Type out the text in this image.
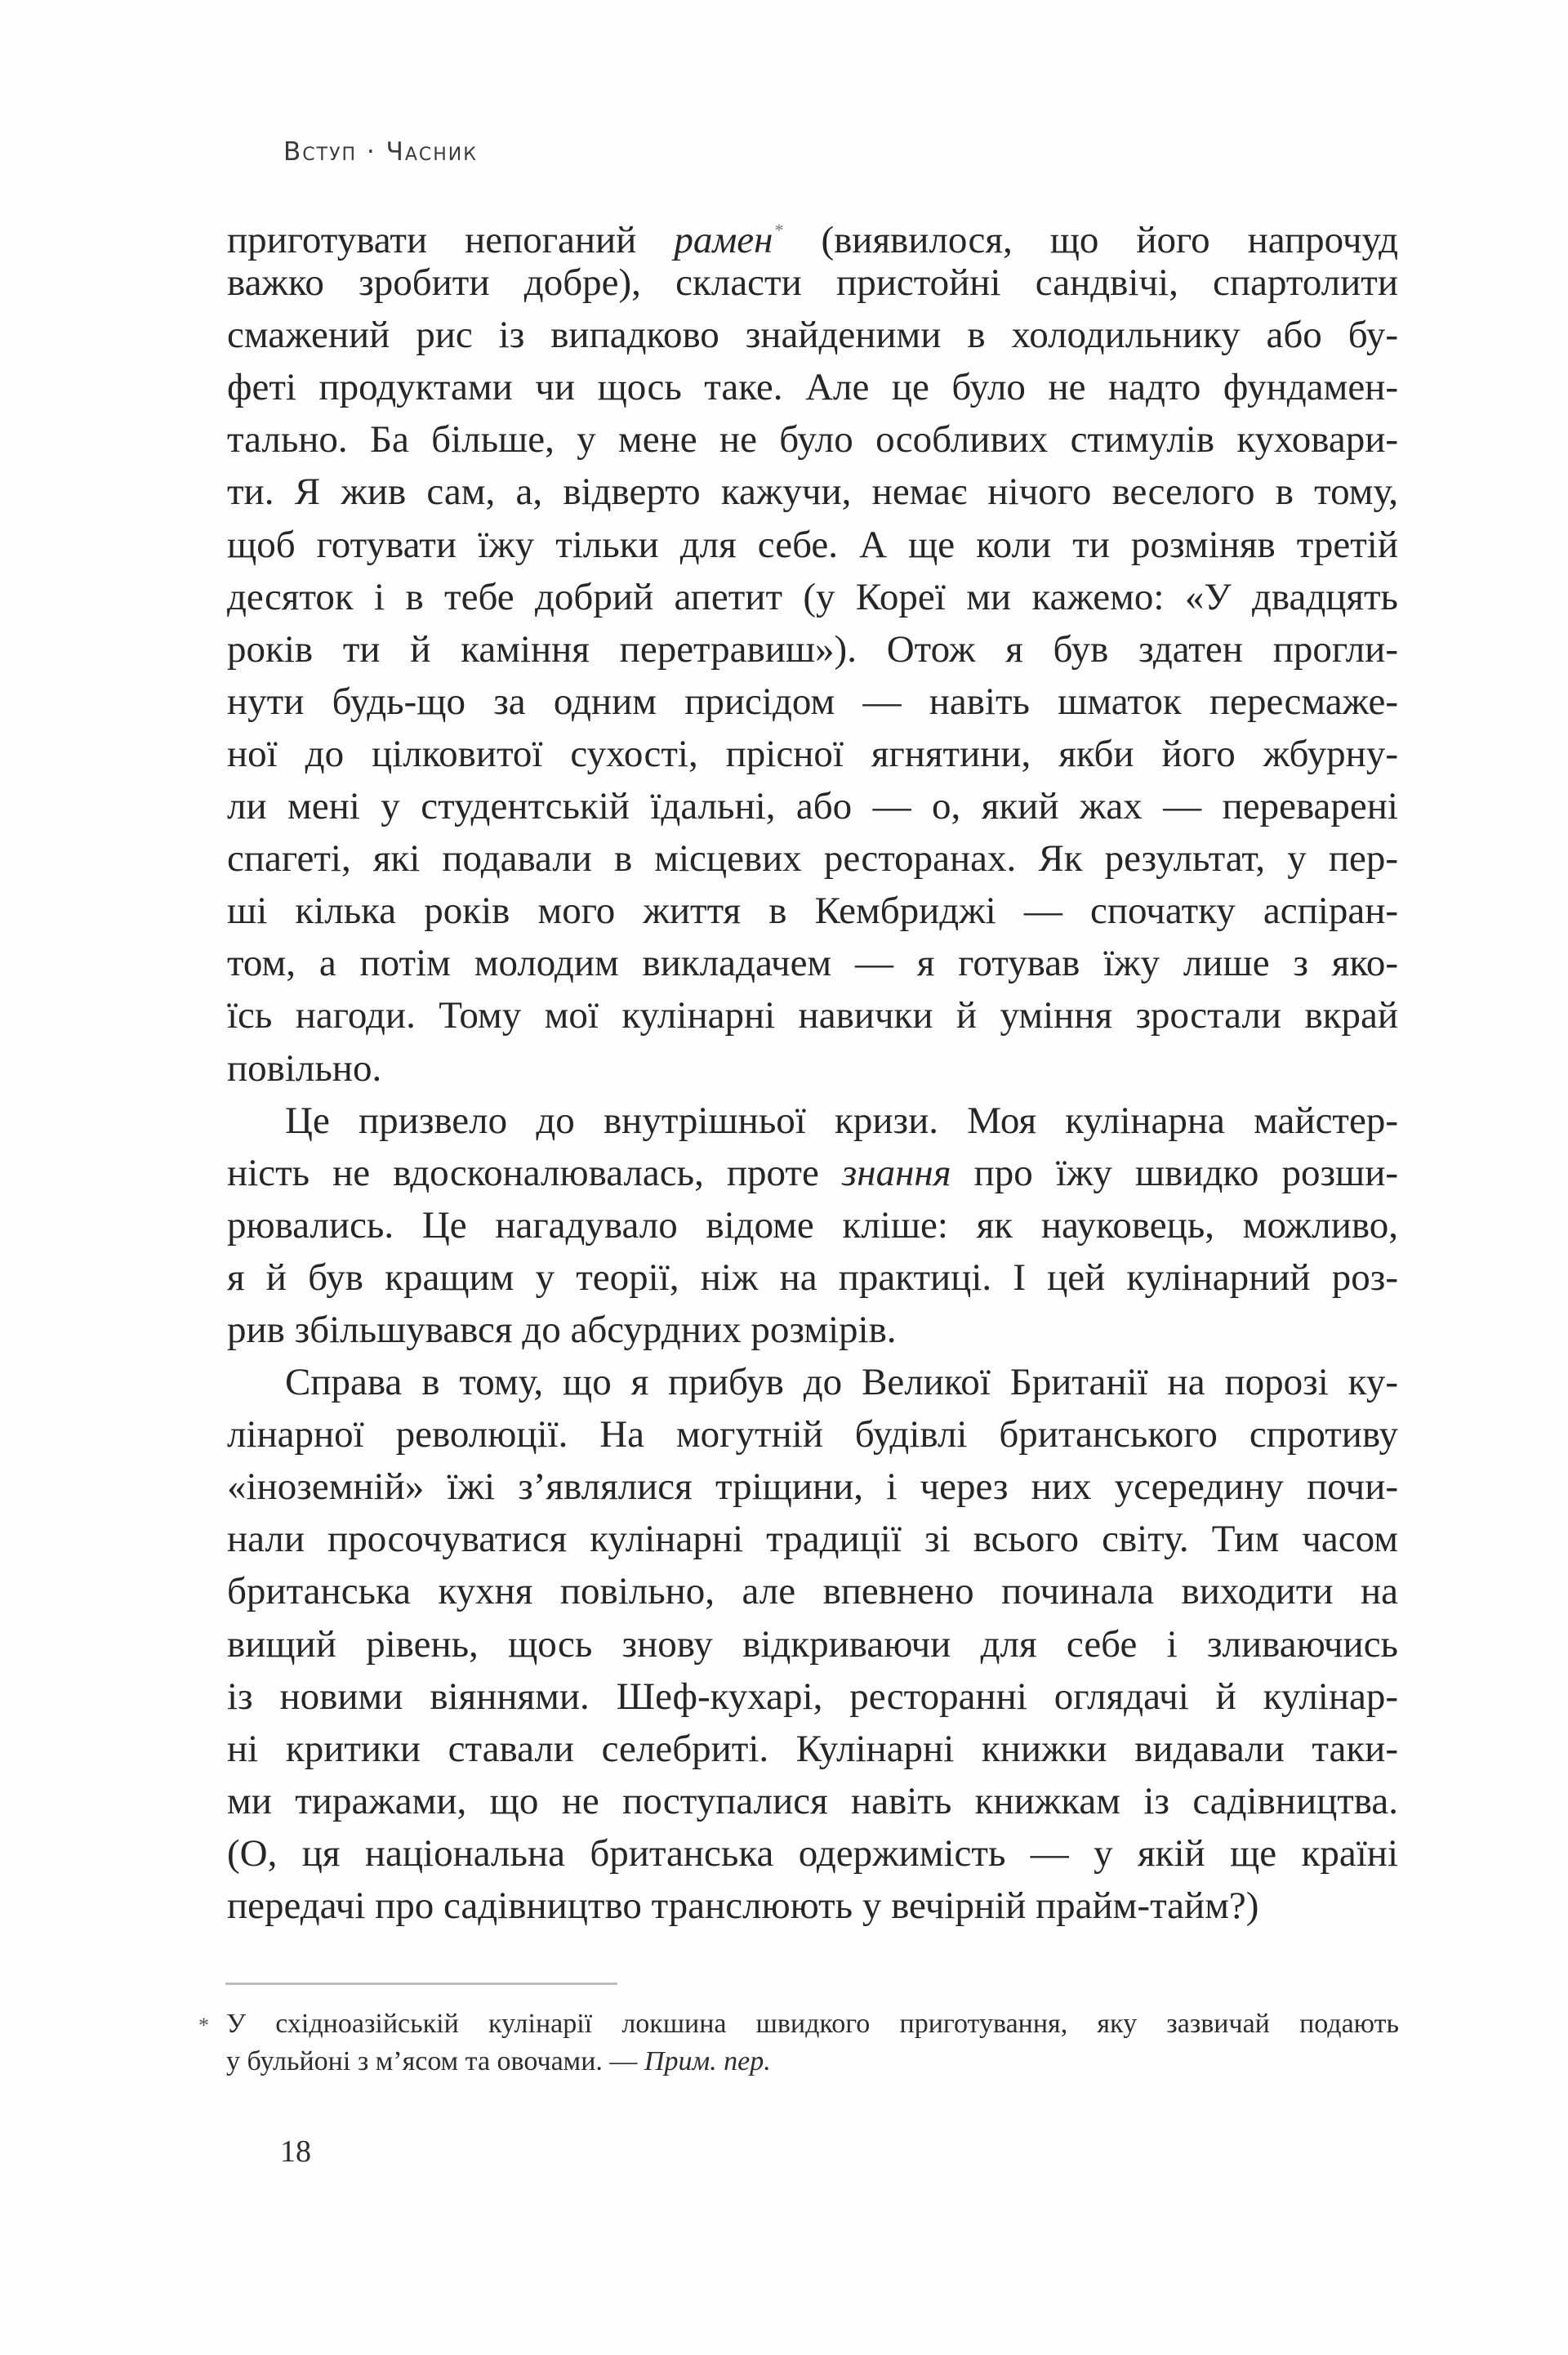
Вступ · Часник
приготувати непоганий рамен* (виявилося, що його напрочуд
важко зробити добре), скласти пристойні сандвічі, спартолити
смажений рис із випадково знайденими в холодильнику або бу-
феті продуктами чи щось таке. Але це було не надто фундамен-
тально. Ба більше, у мене не було особливих стимулів куховари-
ти. Я жив сам, а, відверто кажучи, немає нічого веселого в тому,
щоб готувати їжу тільки для себе. А ще коли ти розміняв третій
десяток і в тебе добрий апетит (у Кореї ми кажемо: «У двадцять
років ти й каміння перетравиш»). Отож я був здатен прогли-
нути будь-що за одним присідом — навіть шматок пересмаже-
ної до цілковитої сухості, прісної ягнятини, якби його жбурну-
ли мені у студентській їдальні, або — о, який жах — переварені
спагеті, які подавали в місцевих ресторанах. Як результат, у пер-
ші кілька років мого життя в Кембриджі — спочатку аспіран-
том, а потім молодим викладачем — я готував їжу лише з яко-
їсь нагоди. Тому мої кулінарні навички й уміння зростали вкрай
повільно.
Це призвело до внутрішньої кризи. Моя кулінарна майстер-
ність не вдосконалювалась, проте знання про їжу швидко розши-
рювались. Це нагадувало відоме кліше: як науковець, можливо,
я й був кращим у теорії, ніж на практиці. І цей кулінарний роз-
рив збільшувався до абсурдних розмірів.
Справа в тому, що я прибув до Великої Британії на порозі ку-
лінарної революції. На могутній будівлі британського спротиву
«іноземній» їжі з’являлися тріщини, і через них усередину почи-
нали просочуватися кулінарні традиції зі всього світу. Тим часом
британська кухня повільно, але впевнено починала виходити на
вищий рівень, щось знову відкриваючи для себе і зливаючись
із новими віяннями. Шеф-кухарі, ресторанні оглядачі й кулінар-
ні критики ставали селебриті. Кулінарні книжки видавали таки-
ми тиражами, що не поступалися навіть книжкам із садівництва.
(О, ця національна британська одержимість — у якій ще країні
передачі про садівництво транслюють у вечірній прайм-тайм?)
* У східноазійській кулінарії локшина швидкого приготування, яку зазвичай подають
у бульйоні з м’ясом та овочами. — Прим. пер.
18
